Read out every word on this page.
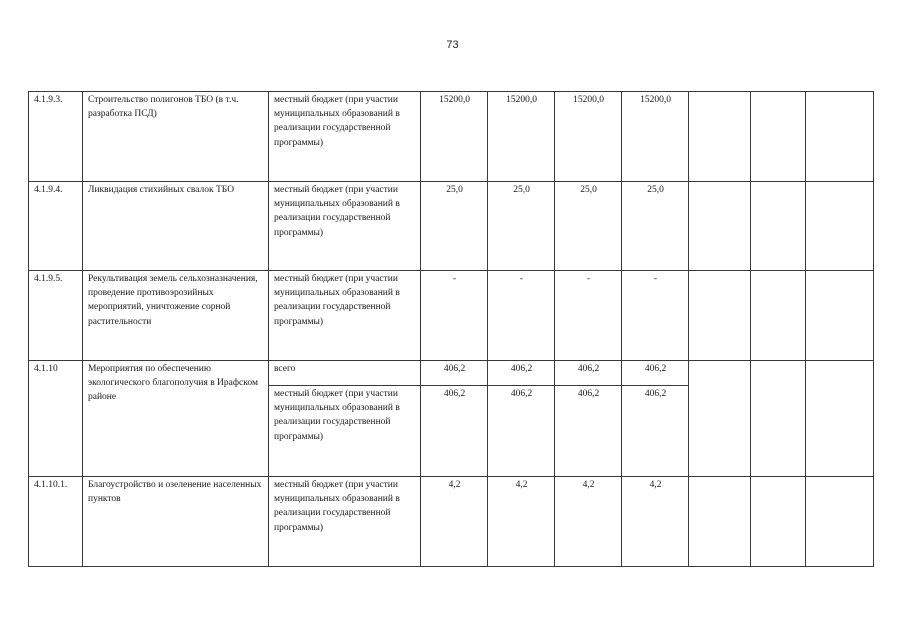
73
4.1.9.3.	Строительство полигонов ТБО (в т.ч. разработка ПСД)	местный бюджет (при участии муниципальных образований в реализации государственной программы)	15200,0	15200,0	15200,0	15200,0			
4.1.9.4.	Ликвидация стихийных свалок ТБО	местный бюджет (при участии муниципальных образований в реализации государственной программы)	25,0	25,0	25,0	25,0			
4.1.9.5.	Рекультивация земель сельхозназначения, проведение противоэрозийных мероприятий, уничтожение сорной растительности	местный бюджет (при участии муниципальных образований в реализации государственной программы)	-	-	-	-			
4.1.10	Мероприятия по обеспечению экологического благополучия в Ирафском районе	всего	406,2	406,2	406,2	406,2			
		местный бюджет (при участии муниципальных образований в реализации государственной программы)	406,2	406,2	406,2	406,2			
4.1.10.1.	Благоустройство и озеленение населенных пунктов	местный бюджет (при участии муниципальных образований в реализации государственной программы)	4,2	4,2	4,2	4,2			
